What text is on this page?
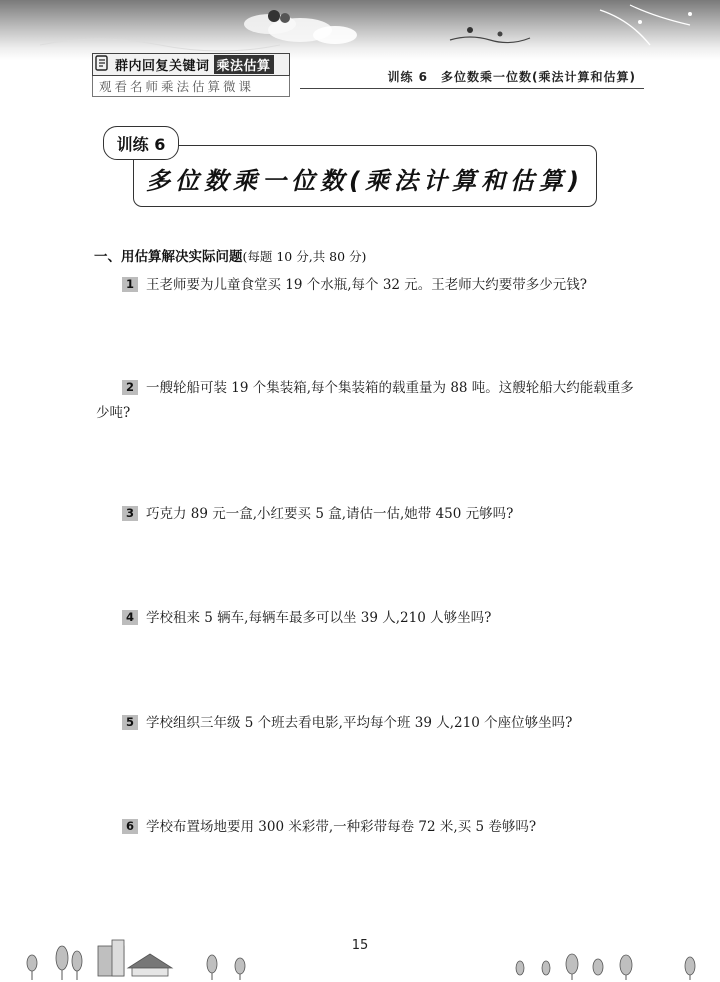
群内回复关键词 乘法估算
观看名师乘法估算微课
训练 6　多位数乘一位数(乘法计算和估算)
多位数乘一位数(乘法计算和估算)
训练 6
一、用估算解决实际问题(每题 10 分,共 80 分)
1 王老师要为儿童食堂买 19 个水瓶,每个 32 元。王老师大约要带多少元钱?
2 一艘轮船可装 19 个集装箱,每个集装箱的载重量为 88 吨。这艘轮船大约能载重多少吨?
3 巧克力 89 元一盒,小红要买 5 盒,请估一估,她带 450 元够吗?
4 学校租来 5 辆车,每辆车最多可以坐 39 人,210 人够坐吗?
5 学校组织三年级 5 个班去看电影,平均每个班 39 人,210 个座位够坐吗?
6 学校布置场地要用 300 米彩带,一种彩带每卷 72 米,买 5 卷够吗?
15
